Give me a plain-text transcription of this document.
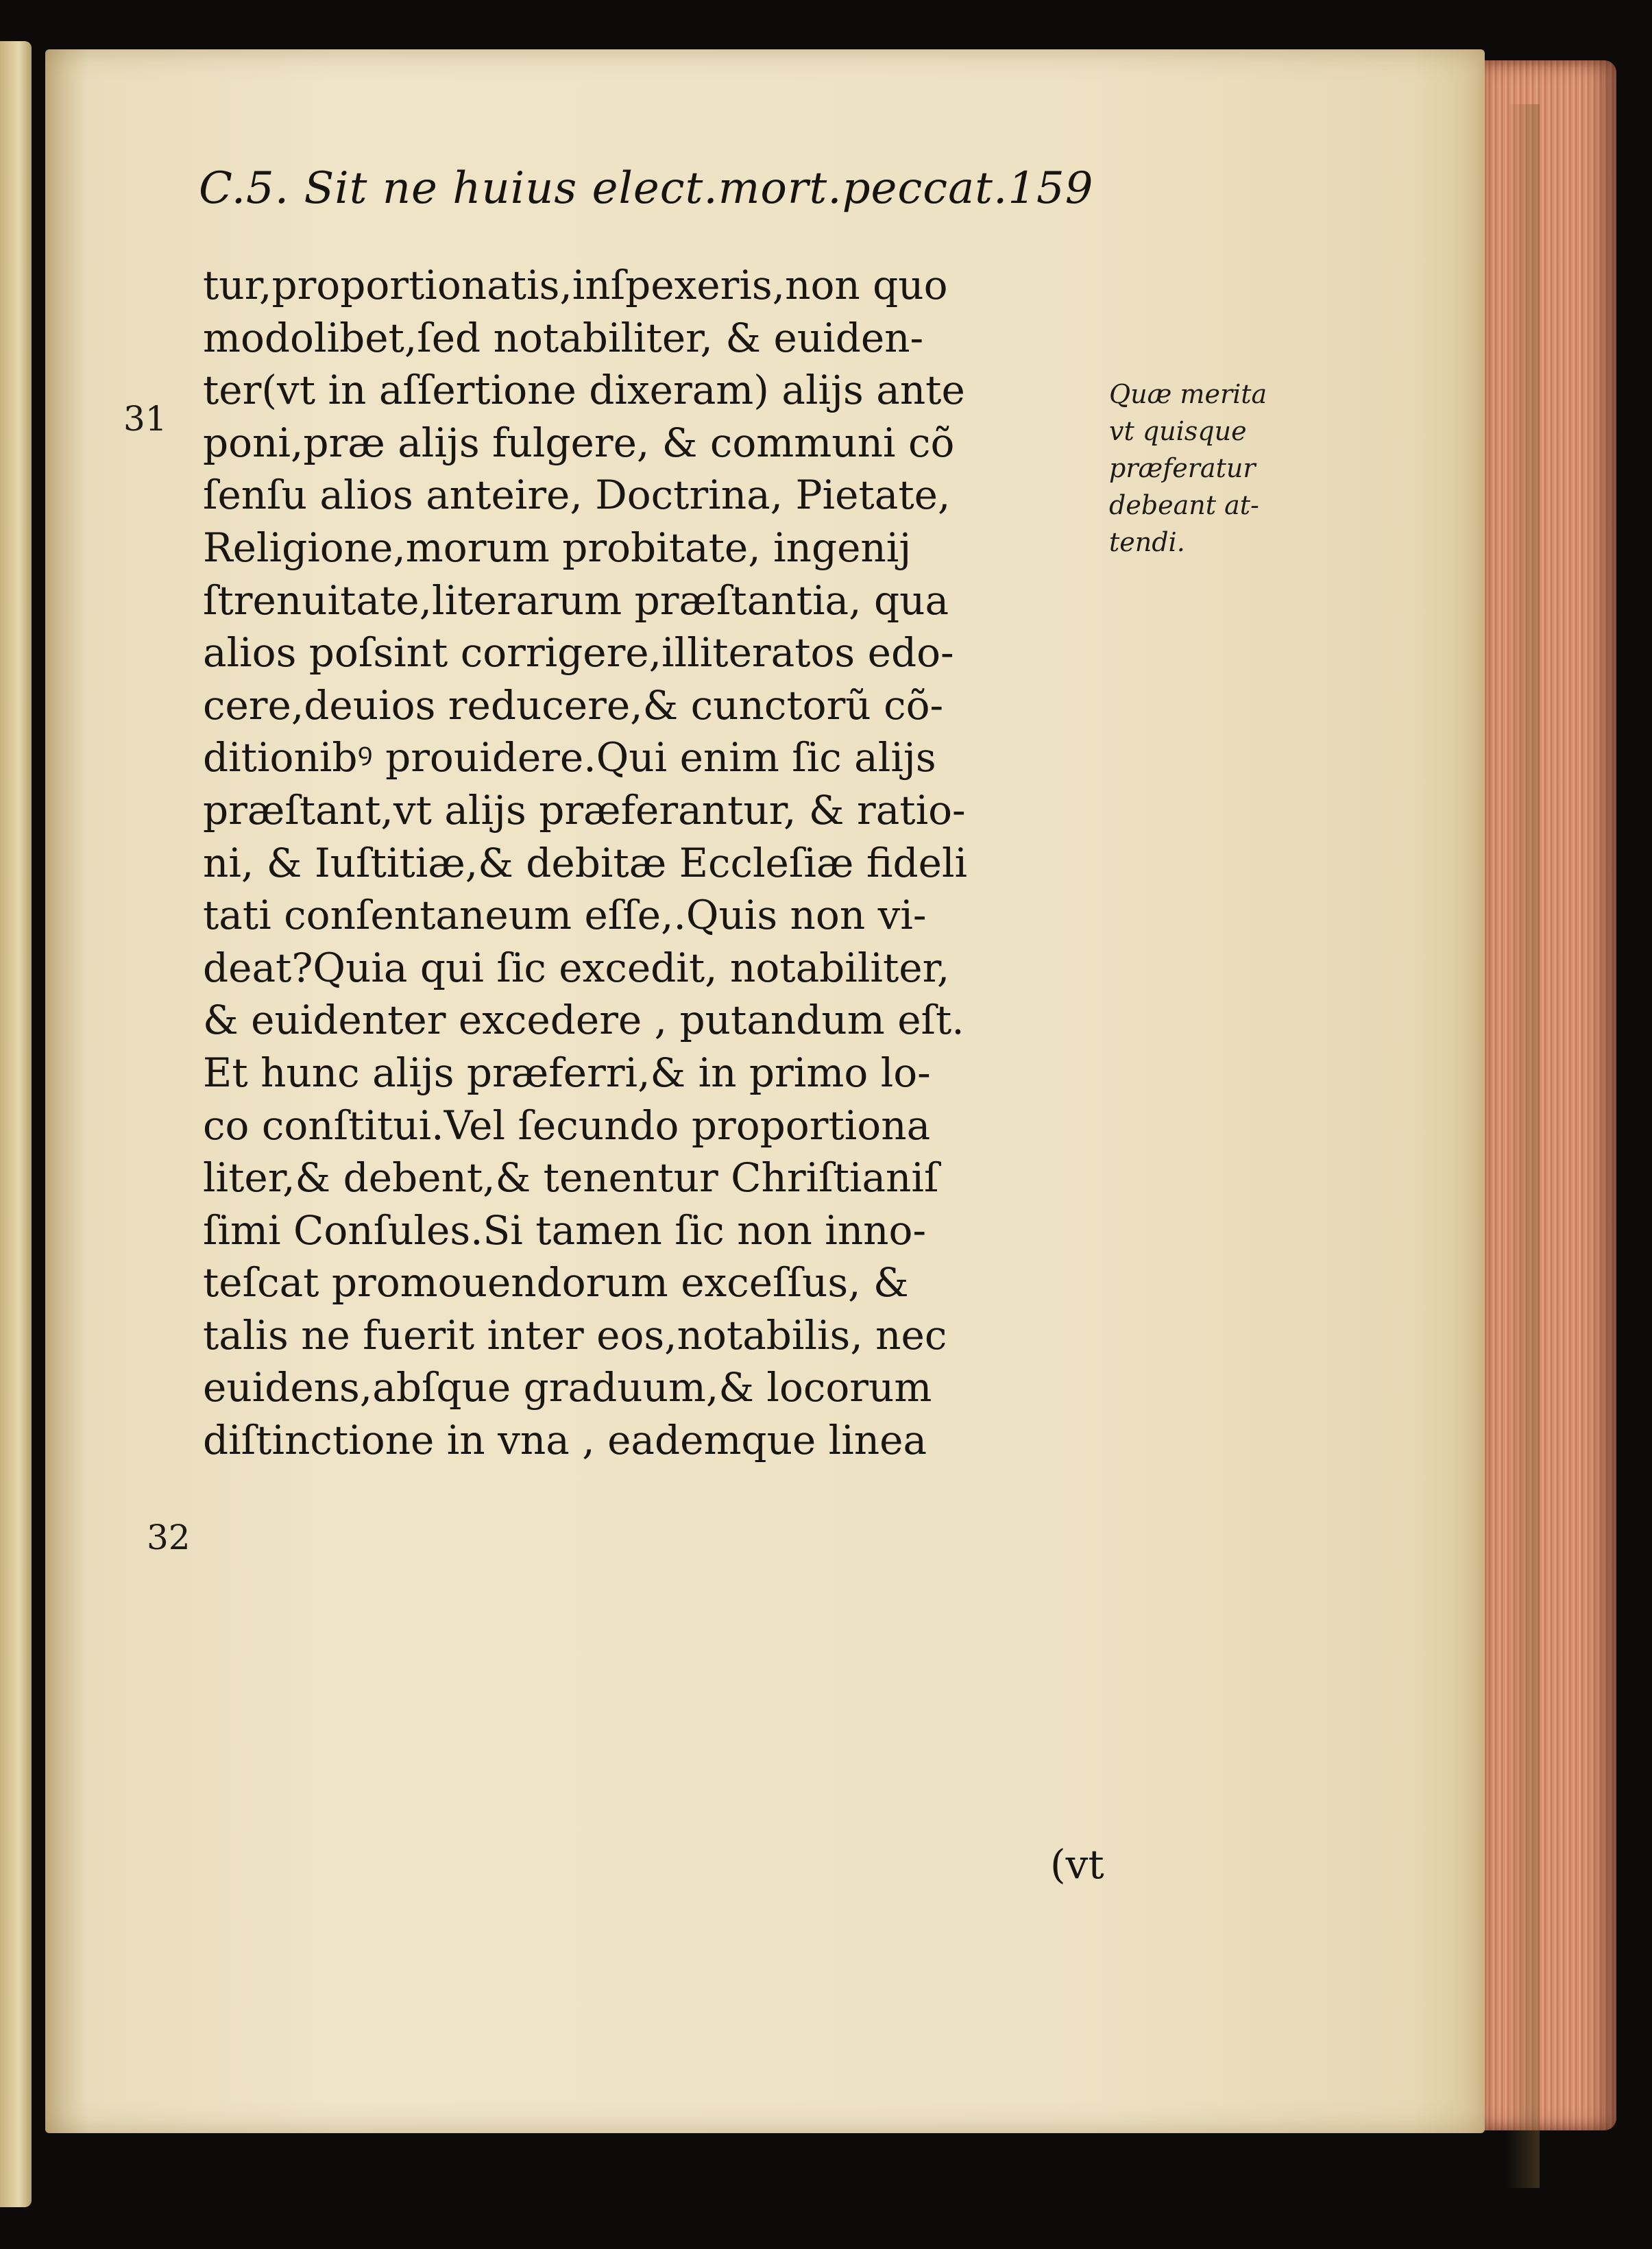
C.5. Sit ne huius elect.mort.peccat.159
tur,proportionatis,inſpexeris,non quo
modolibet,ſed notabiliter, & euiden-
ter(vt in aſſertione dixeram) alijs ante
poni,præ alijs fulgere, & communi cõ
ſenſu alios anteire, Doctrina, Pietate,
Religione,morum probitate, ingenij
ſtrenuitate,literarum præſtantia, qua
alios poſsint corrigere,illiteratos edo-
cere,deuios reducere,& cunctorũ cõ-
ditionibꝰ prouidere.Qui enim ſic alijs
præſtant,vt alijs præferantur, & ratio-
ni, & Iuſtitiæ,& debitæ Eccleſiæ fideli
tati conſentaneum eſſe,.Quis non vi-
deat?Quia qui ſic excedit, notabiliter,
& euidenter excedere , putandum eſt.
Et hunc alijs præferri,& in primo lo-
co conſtitui.Vel ſecundo proportiona
liter,& debent,& tenentur Chriſtianiſ
ſimi Conſules.Si tamen ſic non inno-
teſcat promouendorum exceſſus, &
talis ne fuerit inter eos,notabilis, nec
euidens,abſque graduum,& locorum
diſtinctione in vna , eademque linea
31
32
Quæ merita
vt quisque
præferatur
debeant at-
tendi.
(vt
